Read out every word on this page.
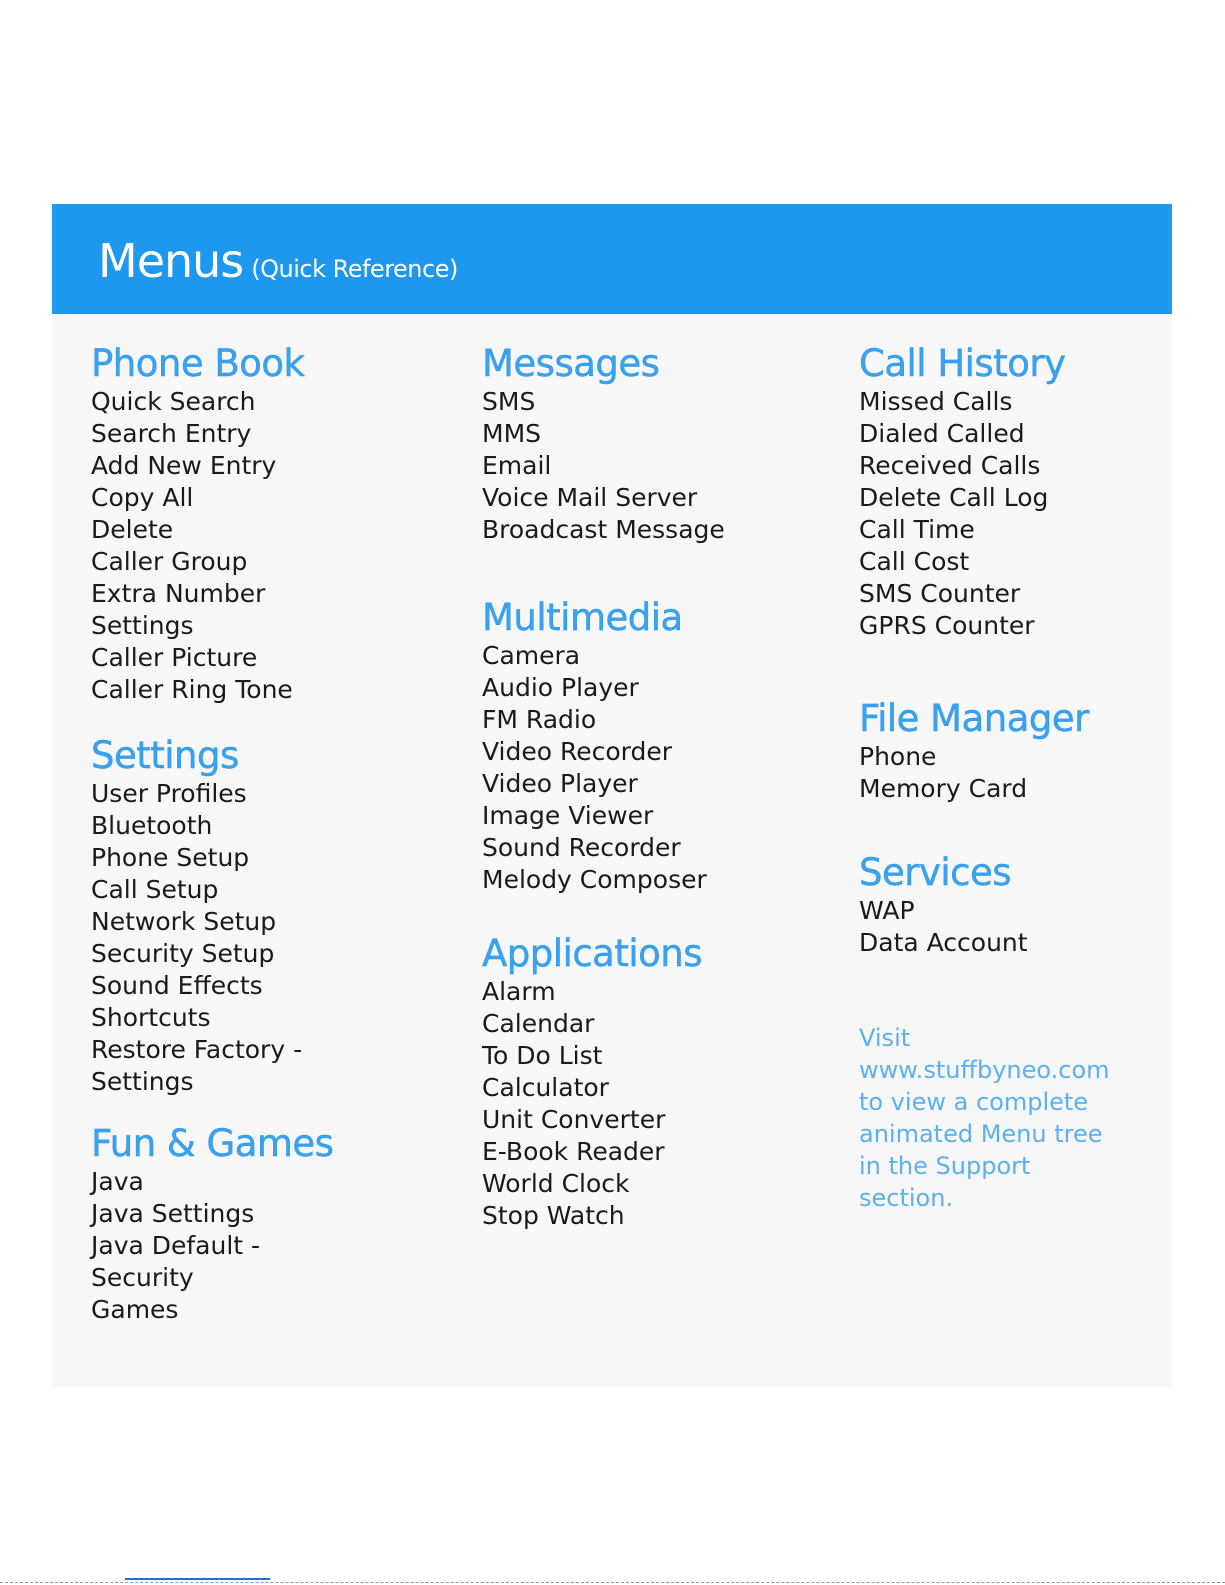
Menus (Quick Reference)
Phone Book
Quick Search
Search Entry
Add New Entry
Copy All
Delete
Caller Group
Extra Number
Settings
Caller Picture
Caller Ring Tone
Settings
User Profiles
Bluetooth
Phone Setup
Call Setup
Network Setup
Security Setup
Sound Effects
Shortcuts
Restore Factory -
Settings
Fun & Games
Java
Java Settings
Java Default -
Security
Games
Messages
SMS
MMS
Email
Voice Mail Server
Broadcast Message
Multimedia
Camera
Audio Player
FM Radio
Video Recorder
Video Player
Image Viewer
Sound Recorder
Melody Composer
Applications
Alarm
Calendar
To Do List
Calculator
Unit Converter
E-Book Reader
World Clock
Stop Watch
Call History
Missed Calls
Dialed Called
Received Calls
Delete Call Log
Call Time
Call Cost
SMS Counter
GPRS Counter
File Manager
Phone
Memory Card
Services
WAP
Data Account

Visit
www.stuffbyneo.com
to view a complete
animated Menu tree
in the Support
section.
